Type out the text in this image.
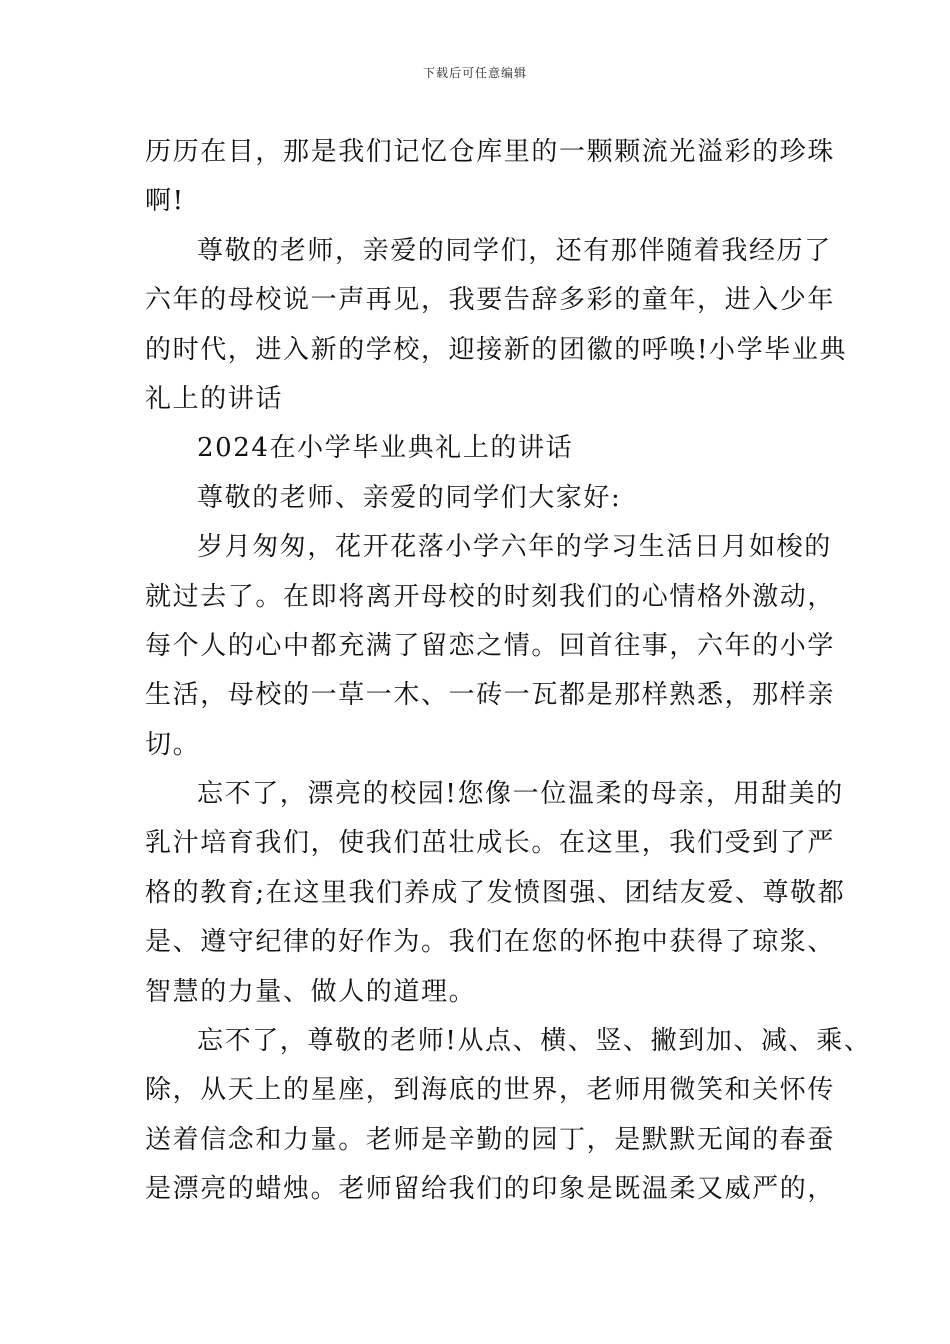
下载后可任意编辑
历历在目，那是我们记忆仓库里的一颗颗流光溢彩的珍珠
啊!
尊敬的老师，亲爱的同学们，还有那伴随着我经历了
六年的母校说一声再见，我要告辞多彩的童年，进入少年
的时代，进入新的学校，迎接新的团徽的呼唤!小学毕业典
礼上的讲话
2024在小学毕业典礼上的讲话
尊敬的老师、亲爱的同学们大家好:
岁月匆匆，花开花落小学六年的学习生活日月如梭的
就过去了。在即将离开母校的时刻我们的心情格外激动，
每个人的心中都充满了留恋之情。回首往事，六年的小学
生活，母校的一草一木、一砖一瓦都是那样熟悉，那样亲
切。
忘不了，漂亮的校园!您像一位温柔的母亲，用甜美的
乳汁培育我们，使我们茁壮成长。在这里，我们受到了严
格的教育;在这里我们养成了发愤图强、团结友爱、尊敬都
是、遵守纪律的好作为。我们在您的怀抱中获得了琼浆、
智慧的力量、做人的道理。
忘不了，尊敬的老师!从点、横、竖、撇到加、减、乘、
除，从天上的星座，到海底的世界，老师用微笑和关怀传
送着信念和力量。老师是辛勤的园丁，是默默无闻的春蚕
是漂亮的蜡烛。老师留给我们的印象是既温柔又威严的，
